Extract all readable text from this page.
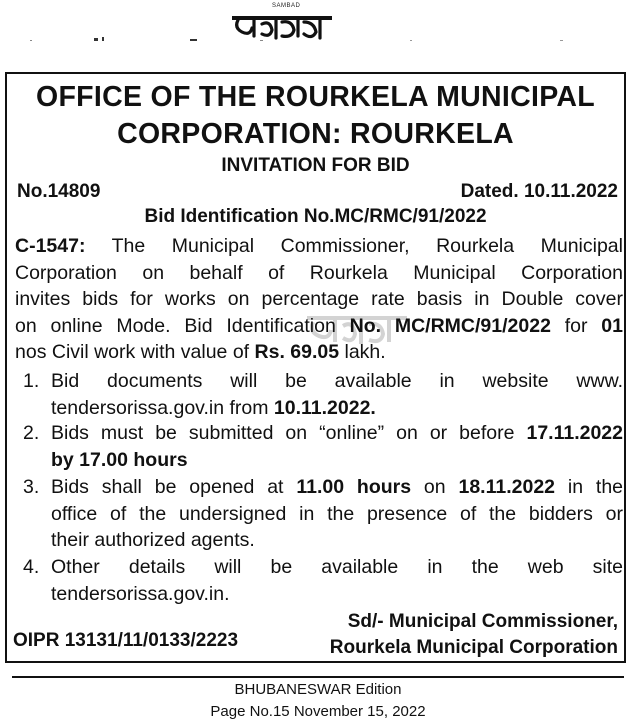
SAMBAD
OFFICE OF THE ROURKELA MUNICIPAL
CORPORATION: ROURKELA
INVITATION FOR BID
No.14809	Dated. 10.11.2022
Bid Identification No.MC/RMC/91/2022
C-1547: The Municipal Commissioner, Rourkela Municipal
Corporation on behalf of Rourkela Municipal Corporation
invites bids for works on percentage rate basis in Double cover
on online Mode. Bid Identification No. MC/RMC/91/2022 for 01
nos Civil work with value of Rs. 69.05 lakh.
1. Bid documents will be available in website www.
tendersorissa.gov.in from 10.11.2022.
2. Bids must be submitted on “online” on or before 17.11.2022
by 17.00 hours
3. Bids shall be opened at 11.00 hours on 18.11.2022 in the
office of the undersigned in the presence of the bidders or
their authorized agents.
4. Other details will be available in the web site
tendersorissa.gov.in.
Sd/- Municipal Commissioner,
Rourkela Municipal Corporation
OIPR 13131/11/0133/2223
BHUBANESWAR Edition
Page No.15 November 15, 2022
